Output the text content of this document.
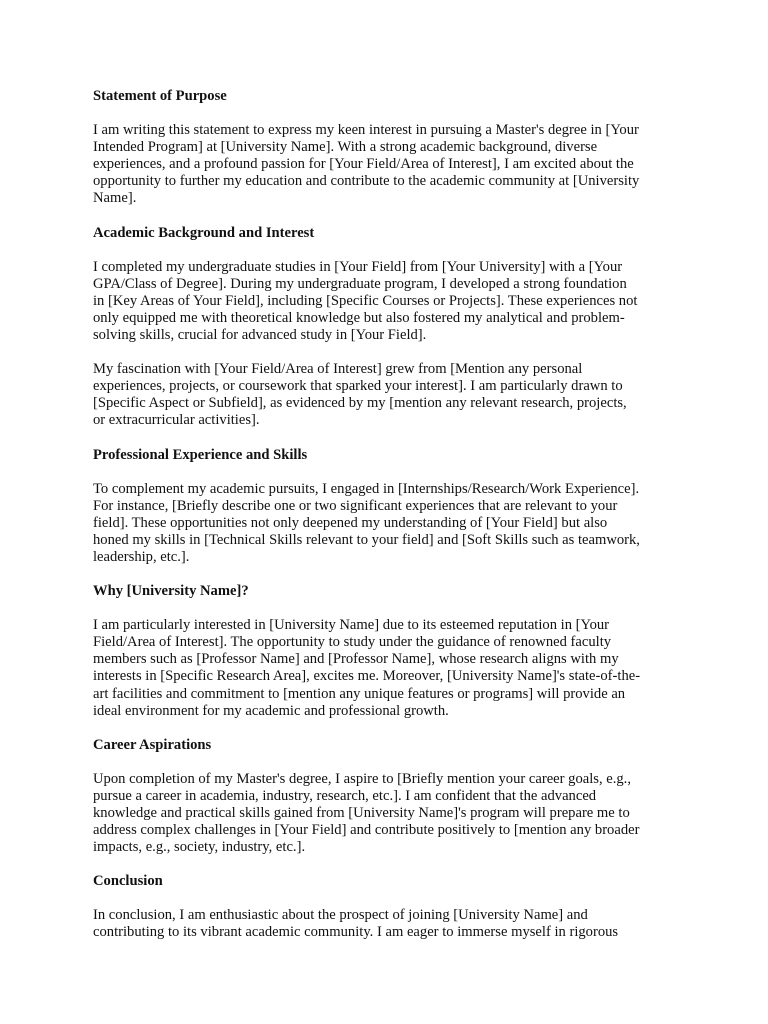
Statement of Purpose
I am writing this statement to express my keen interest in pursuing a Master's degree in [Your
Intended Program] at [University Name]. With a strong academic background, diverse
experiences, and a profound passion for [Your Field/Area of Interest], I am excited about the
opportunity to further my education and contribute to the academic community at [University
Name].
Academic Background and Interest
I completed my undergraduate studies in [Your Field] from [Your University] with a [Your
GPA/Class of Degree]. During my undergraduate program, I developed a strong foundation
in [Key Areas of Your Field], including [Specific Courses or Projects]. These experiences not
only equipped me with theoretical knowledge but also fostered my analytical and problem-
solving skills, crucial for advanced study in [Your Field].
My fascination with [Your Field/Area of Interest] grew from [Mention any personal
experiences, projects, or coursework that sparked your interest]. I am particularly drawn to
[Specific Aspect or Subfield], as evidenced by my [mention any relevant research, projects,
or extracurricular activities].
Professional Experience and Skills
To complement my academic pursuits, I engaged in [Internships/Research/Work Experience].
For instance, [Briefly describe one or two significant experiences that are relevant to your
field]. These opportunities not only deepened my understanding of [Your Field] but also
honed my skills in [Technical Skills relevant to your field] and [Soft Skills such as teamwork,
leadership, etc.].
Why [University Name]?
I am particularly interested in [University Name] due to its esteemed reputation in [Your
Field/Area of Interest]. The opportunity to study under the guidance of renowned faculty
members such as [Professor Name] and [Professor Name], whose research aligns with my
interests in [Specific Research Area], excites me. Moreover, [University Name]'s state-of-the-
art facilities and commitment to [mention any unique features or programs] will provide an
ideal environment for my academic and professional growth.
Career Aspirations
Upon completion of my Master's degree, I aspire to [Briefly mention your career goals, e.g.,
pursue a career in academia, industry, research, etc.]. I am confident that the advanced
knowledge and practical skills gained from [University Name]'s program will prepare me to
address complex challenges in [Your Field] and contribute positively to [mention any broader
impacts, e.g., society, industry, etc.].
Conclusion
In conclusion, I am enthusiastic about the prospect of joining [University Name] and
contributing to its vibrant academic community. I am eager to immerse myself in rigorous
